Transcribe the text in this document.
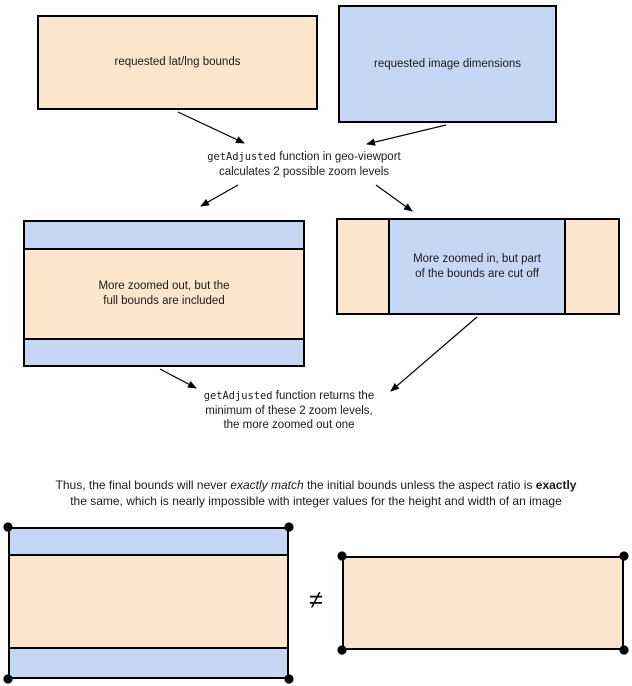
requested lat/lng bounds	requested image dimensions
getAdjusted function in geo-viewport
calculates 2 possible zoom levels
More zoomed out, but the
full bounds are included
More zoomed in, but part
of the bounds are cut off
getAdjusted function returns the
minimum of these 2 zoom levels,
the more zoomed out one
Thus, the final bounds will never exactly match the initial bounds unless the aspect ratio is exactly
the same, which is nearly impossible with integer values for the height and width of an image
≠
